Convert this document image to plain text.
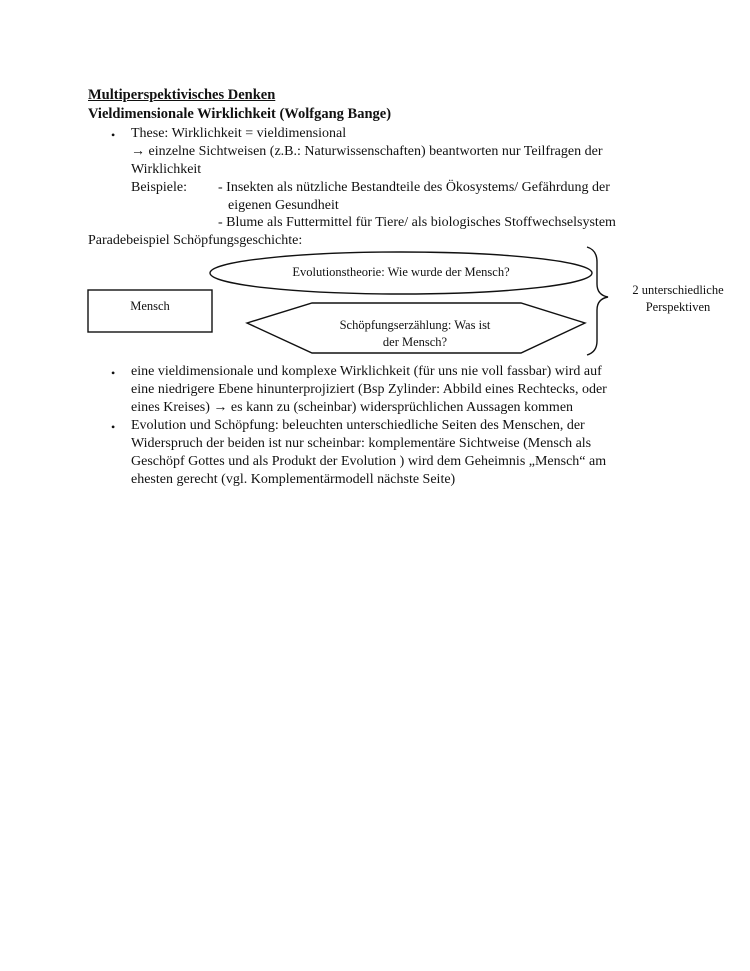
Multiperspektivisches Denken
Vieldimensionale Wirklichkeit (Wolfgang Bange)
• These: Wirklichkeit = vieldimensional
→ einzelne Sichtweisen (z.B.: Naturwissenschaften) beantworten nur Teilfragen der
Wirklichkeit
Beispiele: - Insekten als nützliche Bestandteile des Ökosystems/ Gefährdung der
eigenen Gesundheit
- Blume als Futtermittel für Tiere/ als biologisches Stoffwechselsystem
Paradebeispiel Schöpfungsgeschichte:
Mensch
Evolutionstheorie: Wie wurde der Mensch?
Schöpfungserzählung: Was ist
der Mensch?
2 unterschiedliche
Perspektiven
• eine vieldimensionale und komplexe Wirklichkeit (für uns nie voll fassbar) wird auf
eine niedrigere Ebene hinunterprojiziert (Bsp Zylinder: Abbild eines Rechtecks, oder
eines Kreises) → es kann zu (scheinbar) widersprüchlichen Aussagen kommen
• Evolution und Schöpfung: beleuchten unterschiedliche Seiten des Menschen, der
Widerspruch der beiden ist nur scheinbar: komplementäre Sichtweise (Mensch als
Geschöpf Gottes und als Produkt der Evolution ) wird dem Geheimnis „Mensch“ am
ehesten gerecht (vgl. Komplementärmodell nächste Seite)
